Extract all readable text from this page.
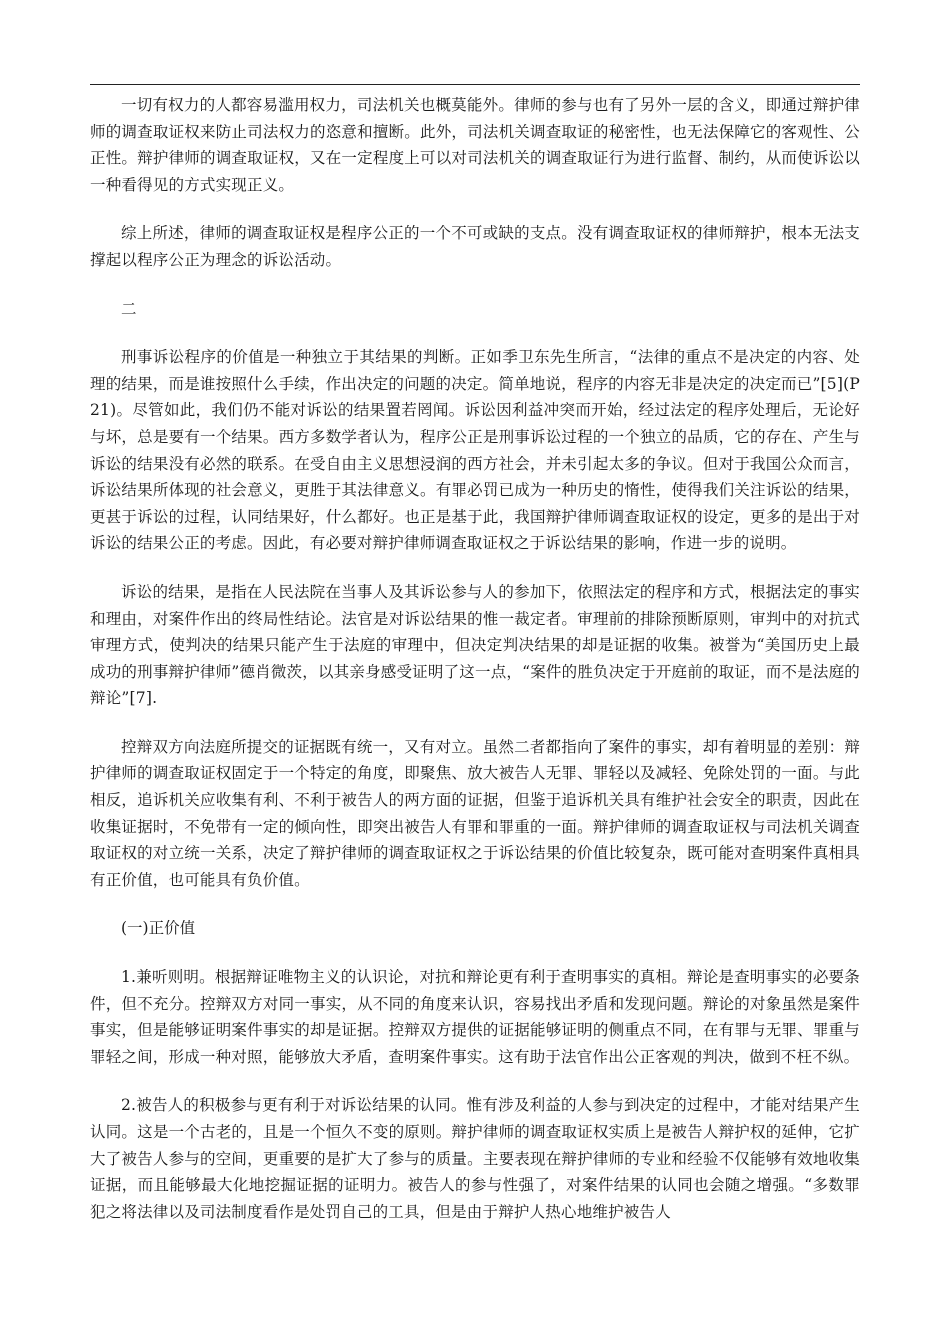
一切有权力的人都容易滥用权力，司法机关也概莫能外。律师的参与也有了另外一层的含义，即通过辩护律师的调查取证权来防止司法权力的恣意和擅断。此外，司法机关调查取证的秘密性，也无法保障它的客观性、公正性。辩护律师的调查取证权，又在一定程度上可以对司法机关的调查取证行为进行监督、制约，从而使诉讼以一种看得见的方式实现正义。

综上所述，律师的调查取证权是程序公正的一个不可或缺的支点。没有调查取证权的律师辩护，根本无法支撑起以程序公正为理念的诉讼活动。

二

刑事诉讼程序的价值是一种独立于其结果的判断。正如季卫东先生所言，“法律的重点不是决定的内容、处理的结果，而是谁按照什么手续，作出决定的问题的决定。简单地说，程序的内容无非是决定的决定而已”[5](P21)。尽管如此，我们仍不能对诉讼的结果置若罔闻。诉讼因利益冲突而开始，经过法定的程序处理后，无论好与坏，总是要有一个结果。西方多数学者认为，程序公正是刑事诉讼过程的一个独立的品质，它的存在、产生与诉讼的结果没有必然的联系。在受自由主义思想浸润的西方社会，并未引起太多的争议。但对于我国公众而言，诉讼结果所体现的社会意义，更胜于其法律意义。有罪必罚已成为一种历史的惰性，使得我们关注诉讼的结果，更甚于诉讼的过程，认同结果好，什么都好。也正是基于此，我国辩护律师调查取证权的设定，更多的是出于对诉讼的结果公正的考虑。因此，有必要对辩护律师调查取证权之于诉讼结果的影响，作进一步的说明。

诉讼的结果，是指在人民法院在当事人及其诉讼参与人的参加下，依照法定的程序和方式，根据法定的事实和理由，对案件作出的终局性结论。法官是对诉讼结果的惟一裁定者。审理前的排除预断原则，审判中的对抗式审理方式，使判决的结果只能产生于法庭的审理中，但决定判决结果的却是证据的收集。被誉为“美国历史上最成功的刑事辩护律师”德肖微茨，以其亲身感受证明了这一点，“案件的胜负决定于开庭前的取证，而不是法庭的辩论”[7].

控辩双方向法庭所提交的证据既有统一，又有对立。虽然二者都指向了案件的事实，却有着明显的差别：辩护律师的调查取证权固定于一个特定的角度，即聚焦、放大被告人无罪、罪轻以及减轻、免除处罚的一面。与此相反，追诉机关应收集有利、不利于被告人的两方面的证据，但鉴于追诉机关具有维护社会安全的职责，因此在收集证据时，不免带有一定的倾向性，即突出被告人有罪和罪重的一面。辩护律师的调查取证权与司法机关调查取证权的对立统一关系，决定了辩护律师的调查取证权之于诉讼结果的价值比较复杂，既可能对查明案件真相具有正价值，也可能具有负价值。

(一)正价值

1.兼听则明。根据辩证唯物主义的认识论，对抗和辩论更有利于查明事实的真相。辩论是查明事实的必要条件，但不充分。控辩双方对同一事实，从不同的角度来认识，容易找出矛盾和发现问题。辩论的对象虽然是案件事实，但是能够证明案件事实的却是证据。控辩双方提供的证据能够证明的侧重点不同，在有罪与无罪、罪重与罪轻之间，形成一种对照，能够放大矛盾，查明案件事实。这有助于法官作出公正客观的判决，做到不枉不纵。

2.被告人的积极参与更有利于对诉讼结果的认同。惟有涉及利益的人参与到决定的过程中，才能对结果产生认同。这是一个古老的，且是一个恒久不变的原则。辩护律师的调查取证权实质上是被告人辩护权的延伸，它扩大了被告人参与的空间，更重要的是扩大了参与的质量。主要表现在辩护律师的专业和经验不仅能够有效地收集证据，而且能够最大化地挖掘证据的证明力。被告人的参与性强了，对案件结果的认同也会随之增强。“多数罪犯之将法律以及司法制度看作是处罚自己的工具，但是由于辩护人热心地维护被告人
